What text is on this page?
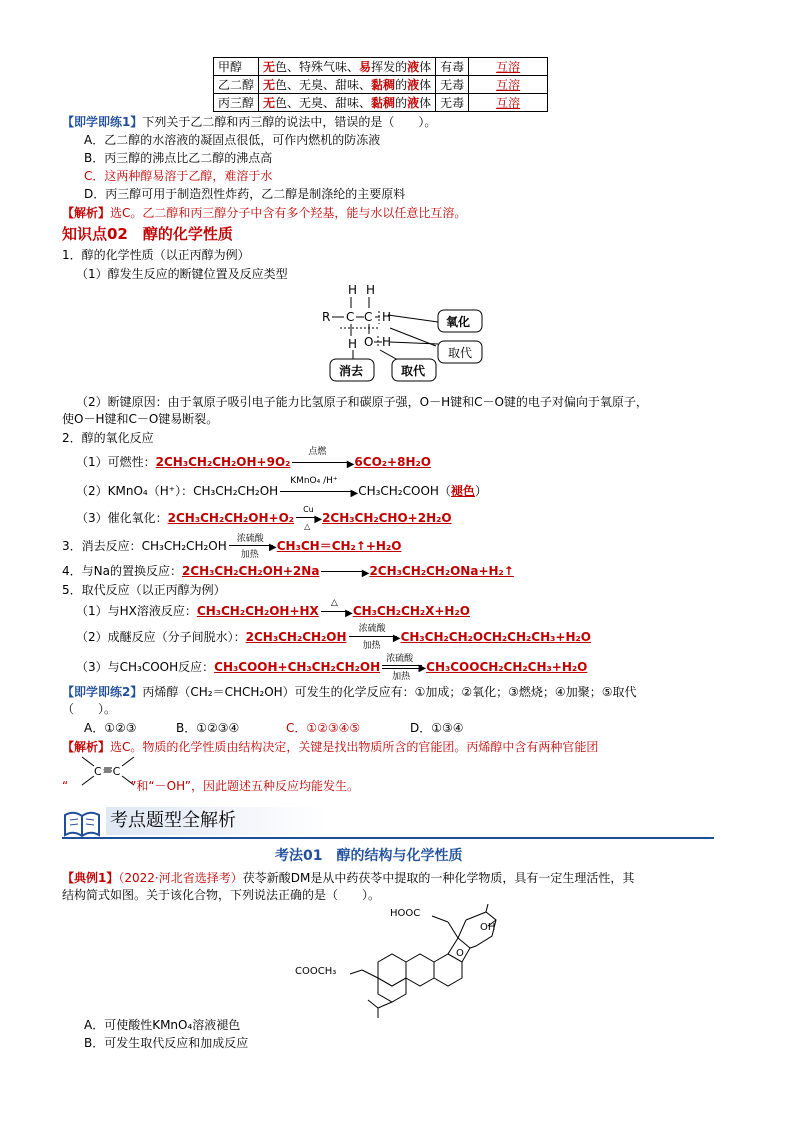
甲醇	无色、特殊气味、易挥发的液体	有毒	互溶
乙二醇	无色、无臭、甜味、黏稠的液体	无毒	互溶
丙三醇	无色、无臭、甜味、黏稠的液体	无毒	互溶
【即学即练1】下列关于乙二醇和丙三醇的说法中，错误的是（　　）。
A．乙二醇的水溶液的凝固点很低，可作内燃机的防冻液
B．丙三醇的沸点比乙二醇的沸点高
C．这两种醇易溶于乙醇，难溶于水
D．丙三醇可用于制造烈性炸药，乙二醇是制涤纶的主要原料
【解析】选C。乙二醇和丙三醇分子中含有多个羟基，能与水以任意比互溶。
知识点02　醇的化学性质
1．醇的化学性质（以正丙醇为例）
（1）醇发生反应的断键位置及反应类型
H H
R C C H
H O H
氧化
取代
消去	取代
（2）断键原因：由于氧原子吸引电子能力比氢原子和碳原子强，O－H键和C－O键的电子对偏向于氧原子，
使O－H键和C－O键易断裂。
2．醇的氧化反应
（1）可燃性：2CH₃CH₂CH₂OH+9O₂
点燃
▶ 6CO₂+8H₂O
（2）KMnO₄（H⁺）：CH₃CH₂CH₂OH
KMnO₄ /H⁺
▶ CH₃CH₂COOH（褪色）
（3）催化氧化：2CH₃CH₂CH₂OH+O₂
Cu
▶
△
2CH₃CH₂CHO+2H₂O
3．消去反应：CH₃CH₂CH₂OH 浓硫酸
▶
加热
CH₃CH＝CH₂↑+H₂O
4．与Na的置换反应：2CH₃CH₂CH₂OH+2Na	▶ 2CH₃CH₂CH₂ONa+H₂↑
5．取代反应（以正丙醇为例）
（1）与HX溶液反应：CH₃CH₂CH₂OH+HX
△
▶ CH₃CH₂CH₂X+H₂O
（2）成醚反应（分子间脱水）：2CH₃CH₂CH₂OH
浓硫酸
▶
加热
CH₃CH₂CH₂OCH₂CH₂CH₃+H₂O
（3）与CH₃COOH反应：CH₃COOH+CH₃CH₂CH₂OH
浓硫酸
▶
加热
CH₃COOCH₂CH₂CH₃+H₂O
【即学即练2】丙烯醇（CH₂＝CHCH₂OH）可发生的化学反应有：①加成；②氧化；③燃烧；④加聚；⑤取代
（　　）。
A．①②③	B．①②③④	C．①②③④⑤	D．①③④
【解析】选C。物质的化学性质由结构决定，关键是找出物质所含的官能团。丙烯醇中含有两种官能团
C＝C
“	”和“－OH”，因此题述五种反应均能发生。
考点题型全解析
考法01　醇的结构与化学性质
【典例1】（2022·河北省选择考）茯苓新酸DM是从中药茯苓中提取的一种化学物质，具有一定生理活性，其
结构简式如图。关于该化合物，下列说法正确的是（　　）。
HOOC
OH
O
COOCH₃
A．可使酸性KMnO₄溶液褪色
B．可发生取代反应和加成反应
